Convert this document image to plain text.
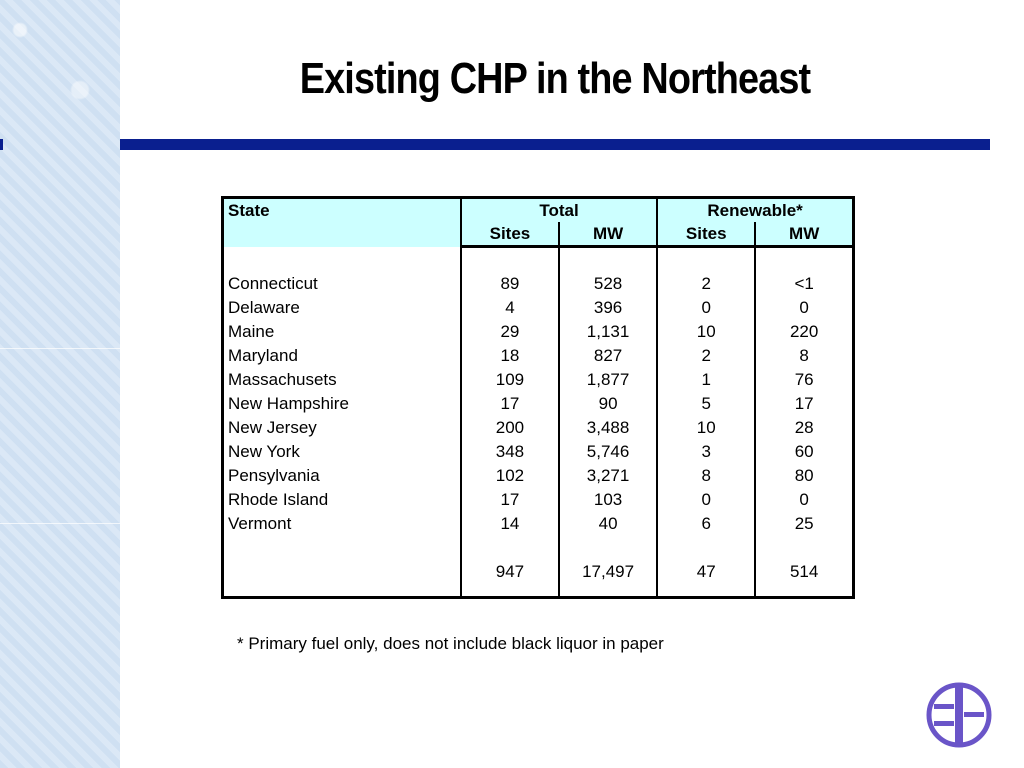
Existing CHP in the Northeast
State	Total		Renewable*	
	Sites	MW	Sites	MW

Connecticut	89	528	2	<1
Delaware	4	396	0	0
Maine	29	1,131	10	220
Maryland	18	827	2	8
Massachusets	109	1,877	1	76
New Hampshire	17	90	5	17
New Jersey	200	3,488	10	28
New York	348	5,746	3	60
Pensylvania	102	3,271	8	80
Rhode Island	17	103	0	0
Vermont	14	40	6	25

	947	17,497	47	514

* Primary fuel only, does not include black liquor in paper
